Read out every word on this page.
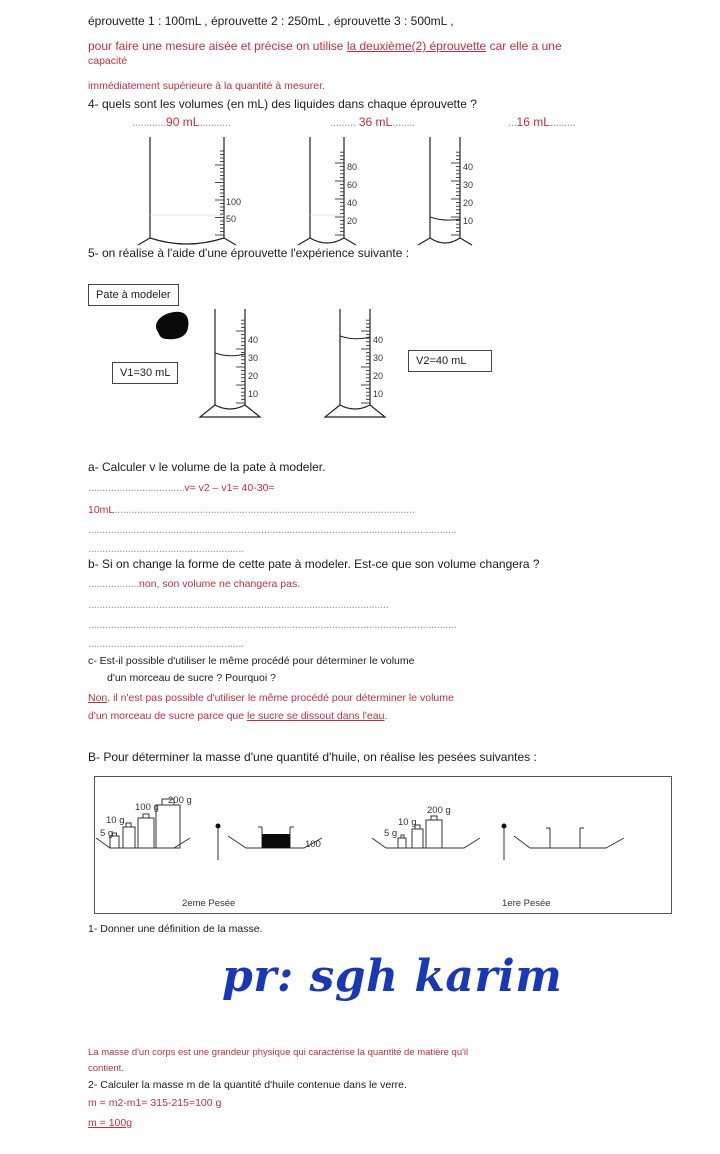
éprouvette 1 : 100mL , éprouvette 2 : 250mL , éprouvette 3 : 500mL ,
pour faire une mesure aisée et précise on utilise la deuxième(2) éprouvette car elle a une
capacité
immédiatement supérieure à la quantité à mesurer.
4- quels sont les volumes (en mL) des liquides dans chaque éprouvette ?
............90 mL...........	......... 36 mL........	...16 mL.........
100
50
80
60
40
20
40
30
20
10
5- on réalise à l'aide d'une éprouvette l'expérience suivante :
Pate à modeler
V1=30 mL
40
30
20
10
40
30
20
10
V2=40 mL
a- Calculer v le volume de la pate à modeler.
..................................v= v2 – v1= 40-30=
10mL..........................................................................................................
..................................................................................................................................
.......................................................
b- Si on change la forme de cette pate à modeler. Est-ce que son volume changera ?
..................non, son volume ne changera pas.
..........................................................................................................
..................................................................................................................................
.......................................................
c- Est-il possible d'utiliser le même procédé pour déterminer le volume
d'un morceau de sucre ? Pourquoi ?
Non, il n'est pas possible d'utiliser le même procédé pour déterminer le volume
d'un morceau de sucre parce que le sucre se dissout dans l'eau.
B- Pour déterminer la masse d'une quantité d'huile, on réalise les pesées suivantes :
5 g
10 g
100 g
200 g
100
2eme Pesée
5 g
10 g
200 g
1ere Pesée
1- Donner une définition de la masse.
pr: sgh karim
La masse d'un corps est une grandeur physique qui caractérise la quantité de matière qu'il
contient.
2- Calculer la masse m de la quantité d'huile contenue dans le verre.
m = m2-m1= 315-215=100 g
m = 100g
